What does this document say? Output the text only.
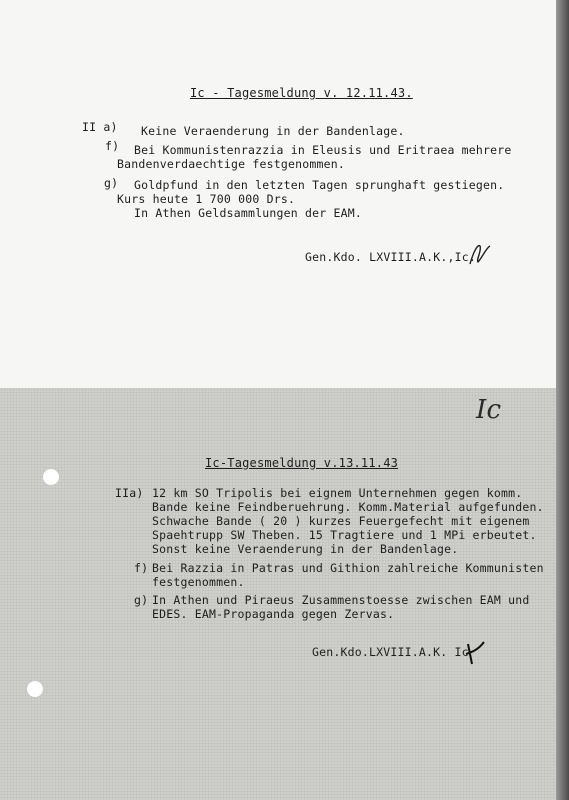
Ic - Tagesmeldung v. 12.11.43.
II a) Keine Veraenderung in der Bandenlage.
f) Bei Kommunistenrazzia in Eleusis und Eritraea mehrere
Bandenverdaechtige festgenommen.
g) Goldpfund in den letzten Tagen sprunghaft gestiegen.
Kurs heute 1 700 000 Drs.
In Athen Geldsammlungen der EAM.
Gen.Kdo. LXVIII.A.K.,Ic.
Ic
Ic-Tagesmeldung v.13.11.43
IIa) 12 km SO Tripolis bei eignem Unternehmen gegen komm.
Bande keine Feindberuehrung. Komm.Material aufgefunden.
Schwache Bande ( 20 ) kurzes Feuergefecht mit eigenem
Spaehtrupp SW Theben. 15 Tragtiere und 1 MPi erbeutet.
Sonst keine Veraenderung in der Bandenlage.
f) Bei Razzia in Patras und Githion zahlreiche Kommunisten
festgenommen.
g) In Athen und Piraeus Zusammenstoesse zwischen EAM und
EDES. EAM-Propaganda gegen Zervas.
Gen.Kdo.LXVIII.A.K. Ic
